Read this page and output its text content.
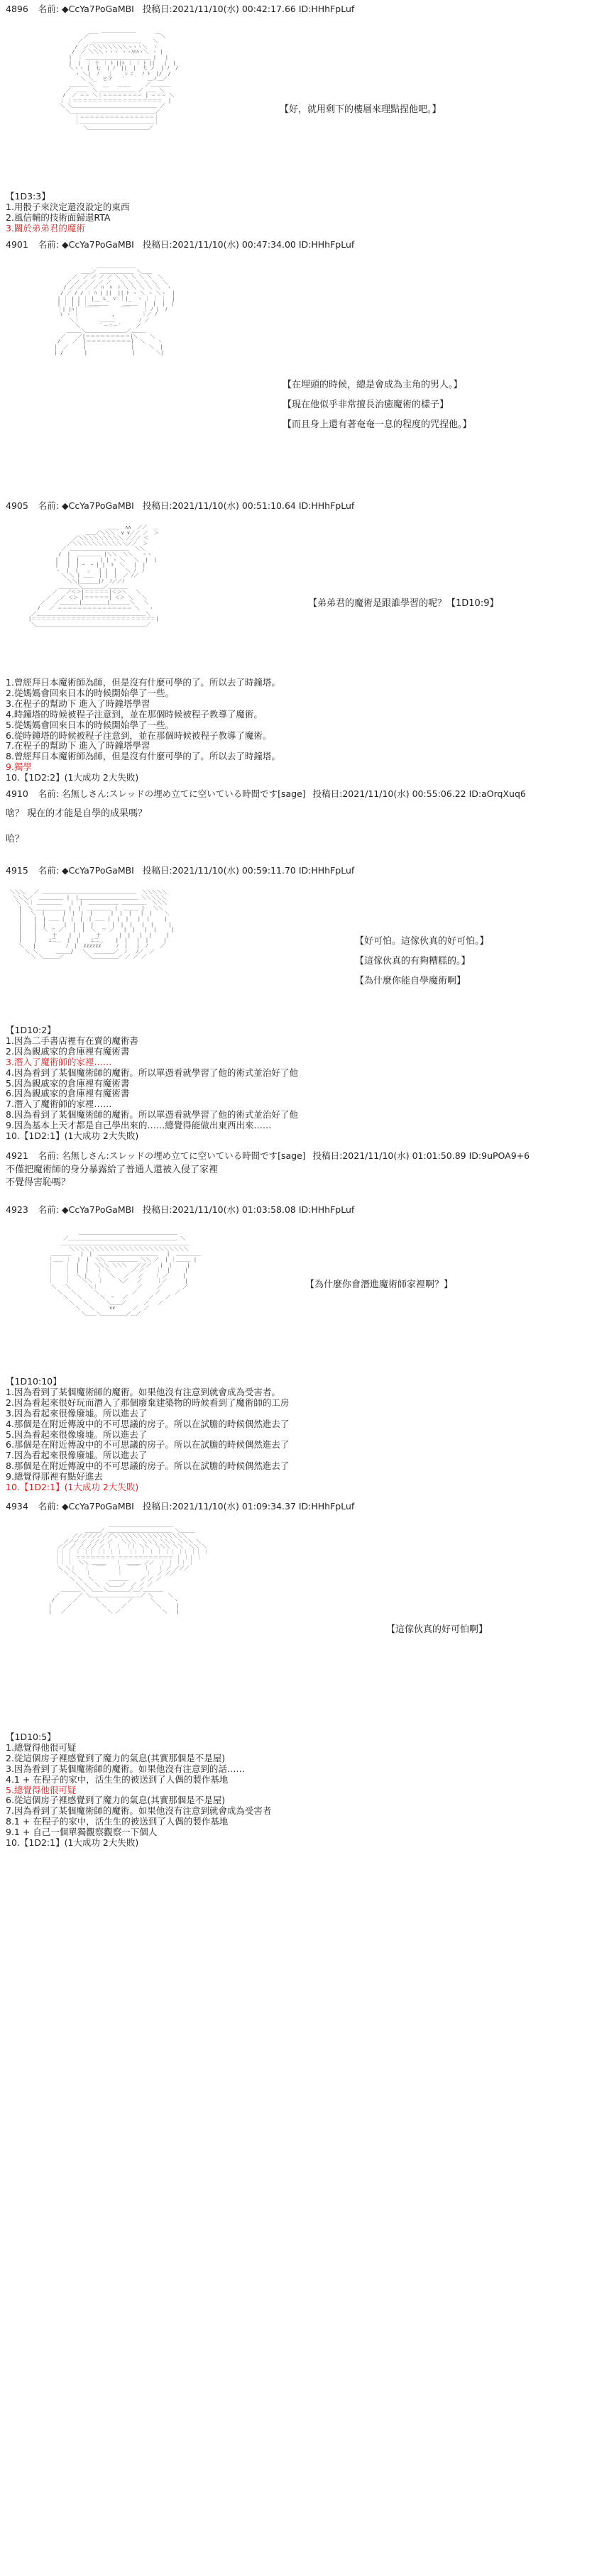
4896 名前: ◆CcYa7PoGaMBI 投稿日:2021/11/10(水) 00:42:17.66 ID:HHhFpLuf
＿＿＿＿＿＿＿
／￣￣                   ￣＼
／   ＿＿＿＿＿＿＿＿＿＿    ＼
/  ／ ﾞ＼＼＼＼＼＼＼ヽヽヽ＼  ヽ
/  ／ ＼＼＼ヽヽヽ ヽヽﾊﾊﾊヽ＼ ヽ |
|  ｜ ＿＿＿＿＿＿＿＿＿＿＿＿＿ |   |
|  |  ｜ 十 ｜ ﾄ ||ﾊ ｜ ｜ ﾄ ||   |  |
＼ヽヽ |  七  | ﾉ  ||  |  弋 ノ  | ﾉ  /
ヽ ＼|  ﾉ   ｜    ﾚ ﾆ   ﾉ ﾄ  |/  /
＼ ＼_  ヒア   ´   ｀   ＿ノ＿／
＿＿＿＿＼   __   ＿_＿     ／＿＿＿＿
／  ＿＿  ＼ ＿＿＿＿＿＿＿ ／ ＿＿ ＼
/  ／ ＝＝ ＼｜＝＝＝＝＝＝＝＝ | ＝＝＝ ＼
｜ ｜＝＝＝＝＝＝＝＝＝＝＝＝＝＝＝＝＝＝  |
＼ ＼＿＿＿＿＿＿＿＿＿＿＿＿＿＿＿＿＿ ／
＼＿＿＿＿＿＿＿＿＿＿＿＿＿＿＿＿＿／
｜＝＝＝＝＝＝＝＝＝＝＝＝＝＝＝｜
｜＿＿＿＿＿＿＿＿＿＿＿＿＿＿＿｜
＼＿＿＿＿＿＿＿＿＿＿＿＿／
【好，就用剩下的樓層來理點捏他吧。】
【1D3:3】
1.用骰子來決定還沒設定的東西
2.風信輔的技術面歸還RTA
3.關於弟弟君的魔術
4901 名前: ◆CcYa7PoGaMBI 投稿日:2021/11/10(水) 00:47:34.00 ID:HHhFpLuf
＿＿＿＿＿＿＿＿
＿＿／ ＿＿＿＿＿＿＿ ＼＿＿
／  ／ ／ ／ ／ ＼ ＼ ＼ ＼ ＼  ＼
／ ／ ／ ／ ／ ／   ＼ ＼ ＼ ＼ ＼  ＼
/ ／ ／ ／ ／ ﾊ  ﾊ  ﾄ ＼ ＼ ＼ ＼ ＼  ヽ
/ ／ / / ｜ ﾊ | ||  || ﾄ ヽ ＼ ヽ ＼ヽ  |
| ｜ | | ｜ |__ L_ ｖ ｜|_  ヽ ｜ ｜ ｜  |
| ｜ | | ｜＿＿＿＿     ＿＿＿  |  |  |  |
｜| |ﾊ｜  ￣￣￣       ￣￣    ｜ ﾉ |  ﾉ
ﾚ ヽ ｜           ,         ｜／ ﾉ
＼｜       ＿＿＿        ﾉ ／
＼      ｀－＝－´     ／
＿＿＿＼＿＿＿＿＿＿＿＿／＿＿＿
／    ／|＝＝＝＝＝＝＝＝＝|＼    ＼
/    ／  |＝＝＝＝＝＝＝＝＝|  ＼    ヽ
|  ／     |               |     ＼  |
| /       |               |       ＼|
【在埋頭的時候，總是會成為主角的男人。】
【現在他似乎非常擅長治癒魔術的樣子】
【而且身上還有著奄奄一息的程度的咒捏他。】
4905 名前: ◆CcYa7PoGaMBI 投稿日:2021/11/10(水) 00:51:10.64 ID:HHhFpLuf
＿＿_  ∧∧  ／／  ＿
＿＿／＼＼＼  ∨ ∨／／ ／  ＞
／＼＼＼＼＼＼＼＼＼ ／／／ ＜
／＼＼＼＼＼＼＼＼＼＼＼／／  ＞
／ ＿＿＿＿＿＿＿＿＿＿＿＿  ＼＼
/  |  ＿＿＿＿＿ |＼＼  ＼＼   ヽヽ
|   |  |       | | ヽ ＼   ＼  |  |
|   |  | ｰ  ｰ | |  ﾄ  ＼   |  |
ヽ  |  |   ｣   | |  |   ＼ ﾉ  ﾉ
＼ ＼ | ＿＿  | |  |  ／ ﾉ／
＼＼|______|ﾉ  ﾉ／／ﾉ
＿＿＿＿＼＿＿＿＿／＿＿＿＿
／   ／＜＞|＝＝＝＝＝|＜＞＼   ＼
／   ／ ＜＞ |＝＝＝＝＝| ＜＞ ＼   ＼
／   ／＿＿＿＿|＿＿＿＿＿|＿＿＿＿＼   ＼
/   ／ ＝＝＝＝＝＝＝＝＝＝＝＝＝＝＝ ＼   ヽ
／＿＿＿＿＿＿＿＿＿＿＿＿＿＿＿＿＿＿＿＿＿＿＼
|＝＝＝＝＝＝＝＝＝＝＝＝＝＝＝＝＝＝＝＝＝＝＝＝＝|
＼＿＿＿＿＿＿＿＿＿＿＿＿＿＿＿＿＿＿＿＿＿＿／
【弟弟君的魔術是跟誰學習的呢？【1D10:9】
1.曾經拜日本魔術師為師，但是沒有什麼可學的了。所以去了時鐘塔。
2.從媽媽會回來日本的時候開始學了一些。
3.在程子的幫助下 進入了時鐘塔學習
4.時鐘塔的時候被程子注意到，並在那個時候被程子教導了魔術。
5.從媽媽會回來日本的時候開始學了一些。
6.從時鐘塔的時候被程子注意到，並在那個時候被程子教導了魔術。
7.在程子的幫助下 進入了時鐘塔學習
8.曾經拜日本魔術師為師，但是沒有什麼可學的了。所以去了時鐘塔。
9.獨學
10.【1D2:2】(1大成功 2大失敗)
4910 名前: 名無しさん:スレッドの埋め立てに空いている時間です[sage] 投稿日:2021/11/10(水) 00:55:06.22 ID:aOrqXuq6
啥？ 現在的才能是自學的成果嗎？
哈？
4915 名前: ◆CcYa7PoGaMBI 投稿日:2021/11/10(水) 00:59:11.70 ID:HHhFpLuf
＼＼＼   ／ ＿＿＿＿＿＿＿＿＿＿＿＿＿＿＿＿＿＿＿  ＼＼＼＼＼
＼＼＼／  ＿＿＿＿＿ |  |＿＿＿＿＿＿＿＿＿＿＿＿ ＼＼＼＼＼
＼ ＼｜ ＿＿＿＿＿   |  |  ＿＿＿＿＿＿ ＿＿＿＿＿  ＼＼＼
|  ＼ ＿＿＿＿＿＿ |  |  ＿＿＿＿＿ |  ＿＿＿ |   ＼＼
|   ＼  |      |  |  |  |      |  |  |   |  |    ＼
|    |  | ＿＿ |  |  |  | ＿＿ |  |  |   |  |     |
|    |  |      |  |  |  |      |  |  |   |  |     |
|    |  ＼ ＝ ／   |  |  ＼  ＝ ／   |  |   |  |     |
|    |     十    |  |     十      |  |   |  |     |
|    |    ﾆ二＿  |  |    ﾆ二＿    |  |   |  |     |
＼   |          ﾉ  |  zzzzzz     ﾉ  |   |  ﾉ    ／
＼ ＼      ＿＿＿/   ＼  ＿＿＿＿／  ﾉ   ﾉ／  ／
＼ ＼＿＿＿／        ＼＿＿＿＿＿／ ／ ／ ／
【好可怕。這傢伙真的好可怕。】
【這傢伙真的有夠糟糕的。】
【為什麼你能自學魔術啊】
【1D10:2】
1.因為二手書店裡有在賣的魔術書
2.因為親戚家的倉庫裡有魔術書
3.潛入了魔術師的家裡……
4.因為看到了某個魔術師的魔術。所以單憑看就學習了他的術式並治好了他
5.因為親戚家的倉庫裡有魔術書
6.因為親戚家的倉庫裡有魔術書
7.潛入了魔術師的家裡……
8.因為看到了某個魔術師的魔術。所以單憑看就學習了他的術式並治好了他
9.因為基本上天才都是自己學出來的……總覺得能做出東西出來……
10.【1D2:1】(1大成功 2大失敗)
4921 名前: 名無しさん:スレッドの埋め立てに空いている時間です[sage] 投稿日:2021/11/10(水) 01:01:50.89 ID:9uPOA9+6
不僅把魔術師的身分暴露給了普通人還被入侵了家裡
不覺得害恥嗎？
4923 名前: ◆CcYa7PoGaMBI 投稿日:2021/11/10(水) 01:03:58.08 ID:HHhFpLuf
＿＿＿＿＿＿＿＿＿＿＿＿＿＿＿＿＿＿＿＿
／＿＿＿＿＿＿＿＿＿＿＿＿＿＿＿＿＿＿＿＿＿＿ ＼
＿＿＿＿＿＿＿＿＿＿＿＿＿＿＿＿＿＿＿＿＿＿＿＿＿＿
＼＼＼＼＼＼＼＼＼＼＼＼＼＼＼＼＼＼＼＼＼＼＼＼
＿＿＿＿   |  |  ＿＿＿＿＿＿＿＿＿＿＿＿   |  ＿＿＿＿＿
｜＿＿ ｜  |  |  ＼＼ ＿＿＿＿＿＿ ＼＼ ／  | ｜＿＿＿ |
｜    ｜  |  |  ＼＼＼ ＼＼＼   ／／／   |  |     |
｜    ｜  |  |   ｜ ＼       ／ ／    ｜  |     |
｜    ｜  ＼ |   ｜   ＼   ／   ／    ｜ ／     |
｜    ｜    ＼＼  ｜     ＼／   ／     ｜／      |
＼   ＼      ＼｜             ／     ／       ／
＼   ＼      ＼           ／      ／     ／
＼   ＼      ＼  ｰ   ／       ／    ／
＼   ＼      ＼＿＿／      ／   ／
＼   ＼     ∨∨      ／  ／
＼＿＿＼＿＿＿＿＿／＿／
【為什麼你會潛進魔術師家裡啊？】
【1D10:10】
1.因為看到了某個魔術師的魔術。如果他沒有注意到就會成為受害者。
2.因為看起來很好玩而潛入了那個廢棄建築物的時候看到了魔術師的工房
3.因為看起來很像廢墟。所以進去了
4.那個是在附近傳說中的不可思議的房子。所以在試膽的時候偶然進去了
5.因為看起來很像廢墟。所以進去了
6.那個是在附近傳說中的不可思議的房子。所以在試膽的時候偶然進去了
7.因為看起來很像廢墟。所以進去了
8.那個是在附近傳說中的不可思議的房子。所以在試膽的時候偶然進去了
9.總覺得那裡有點好進去
10.【1D2:1】(1大成功 2大失敗)
4934 名前: ◆CcYa7PoGaMBI 投稿日:2021/11/10(水) 01:09:34.37 ID:HHhFpLuf
＿＿＿＿＿＿＿＿＿＿＿＿＿
＿＿＿／ ＿＿＿＿＿＿＿＿＿＿＿＿＿ ＼＿＿＿
／／／／／／／／＼＼＼＼＼＼＼＼＼＼＼＼＼＼＼
／／／ ／ ／／／ ／   ＼＼＼  ＼＼＼ ＼＼＼ ＼＼＼ ＼
／／ ／ ／ ／／ ／ ｜ ｜  ｜｜ ＼＼  ＼＼＼ ＼＼  ＼＼ ＼
｜｜ ｜ ｜ ｜｜ ｜｜ ｜ ｜  ｜｜ ｜ ｜ ｜ ｜｜ ｜｜ ｜｜ ｜
｜｜ ｜ ＝＝＝＝＝＝＝＝ ＝＝＝＝＝＝＝＝＝＝＝ ｜ ｜｜ ｜
｜｜ ｜  ＼＼ ＿＿＿   ｜  ＿＿＿ ／／  ｜ ｜ ｜｜ ｜
＼ ＼｜   ｜  ￣￣    ｜  ￣￣  ｜   ｜ ／ ／／／
＼ ＼   ｜         ｜        ｜  ／ ／／
＼ ＼  ＼     ＿＿＿＿    ／ ／ ／
＼ ＼  ＼  ＼＿＿／  ／ ／ ／
＿＿＿＿＼ ＼＿＿＼＿＿＿＿／＿／＿＿＿＿
／      ／ ＼＿＿＿＿＿＿＿＿＿＿／ ＼     ＼
/      ／      ＼         ／      ＼      ヽ
|     ／          ＼     ／          ＼     |
|   ／              ＼ ／              ＼   |
【這傢伙真的好可怕啊】
【1D10:5】
1.總覺得他很可疑
2.從這個房子裡感覺到了魔力的氣息(其實那個是不是屋)
3.因為看到了某個魔術師的魔術。如果他沒有注意到的話……
4.1 + 在程子的家中，活生生的被送到了人偶的製作基地
5.總覺得他很可疑
6.從這個房子裡感覺到了魔力的氣息(其實那個是不是屋)
7.因為看到了某個魔術師的魔術。如果他沒有注意到就會成為受害者
8.1 + 在程子的家中，活生生的被送到了人偶的製作基地
9.1 + 自己一個單獨觀察觀察一下個人
10.【1D2:1】(1大成功 2大失敗)
